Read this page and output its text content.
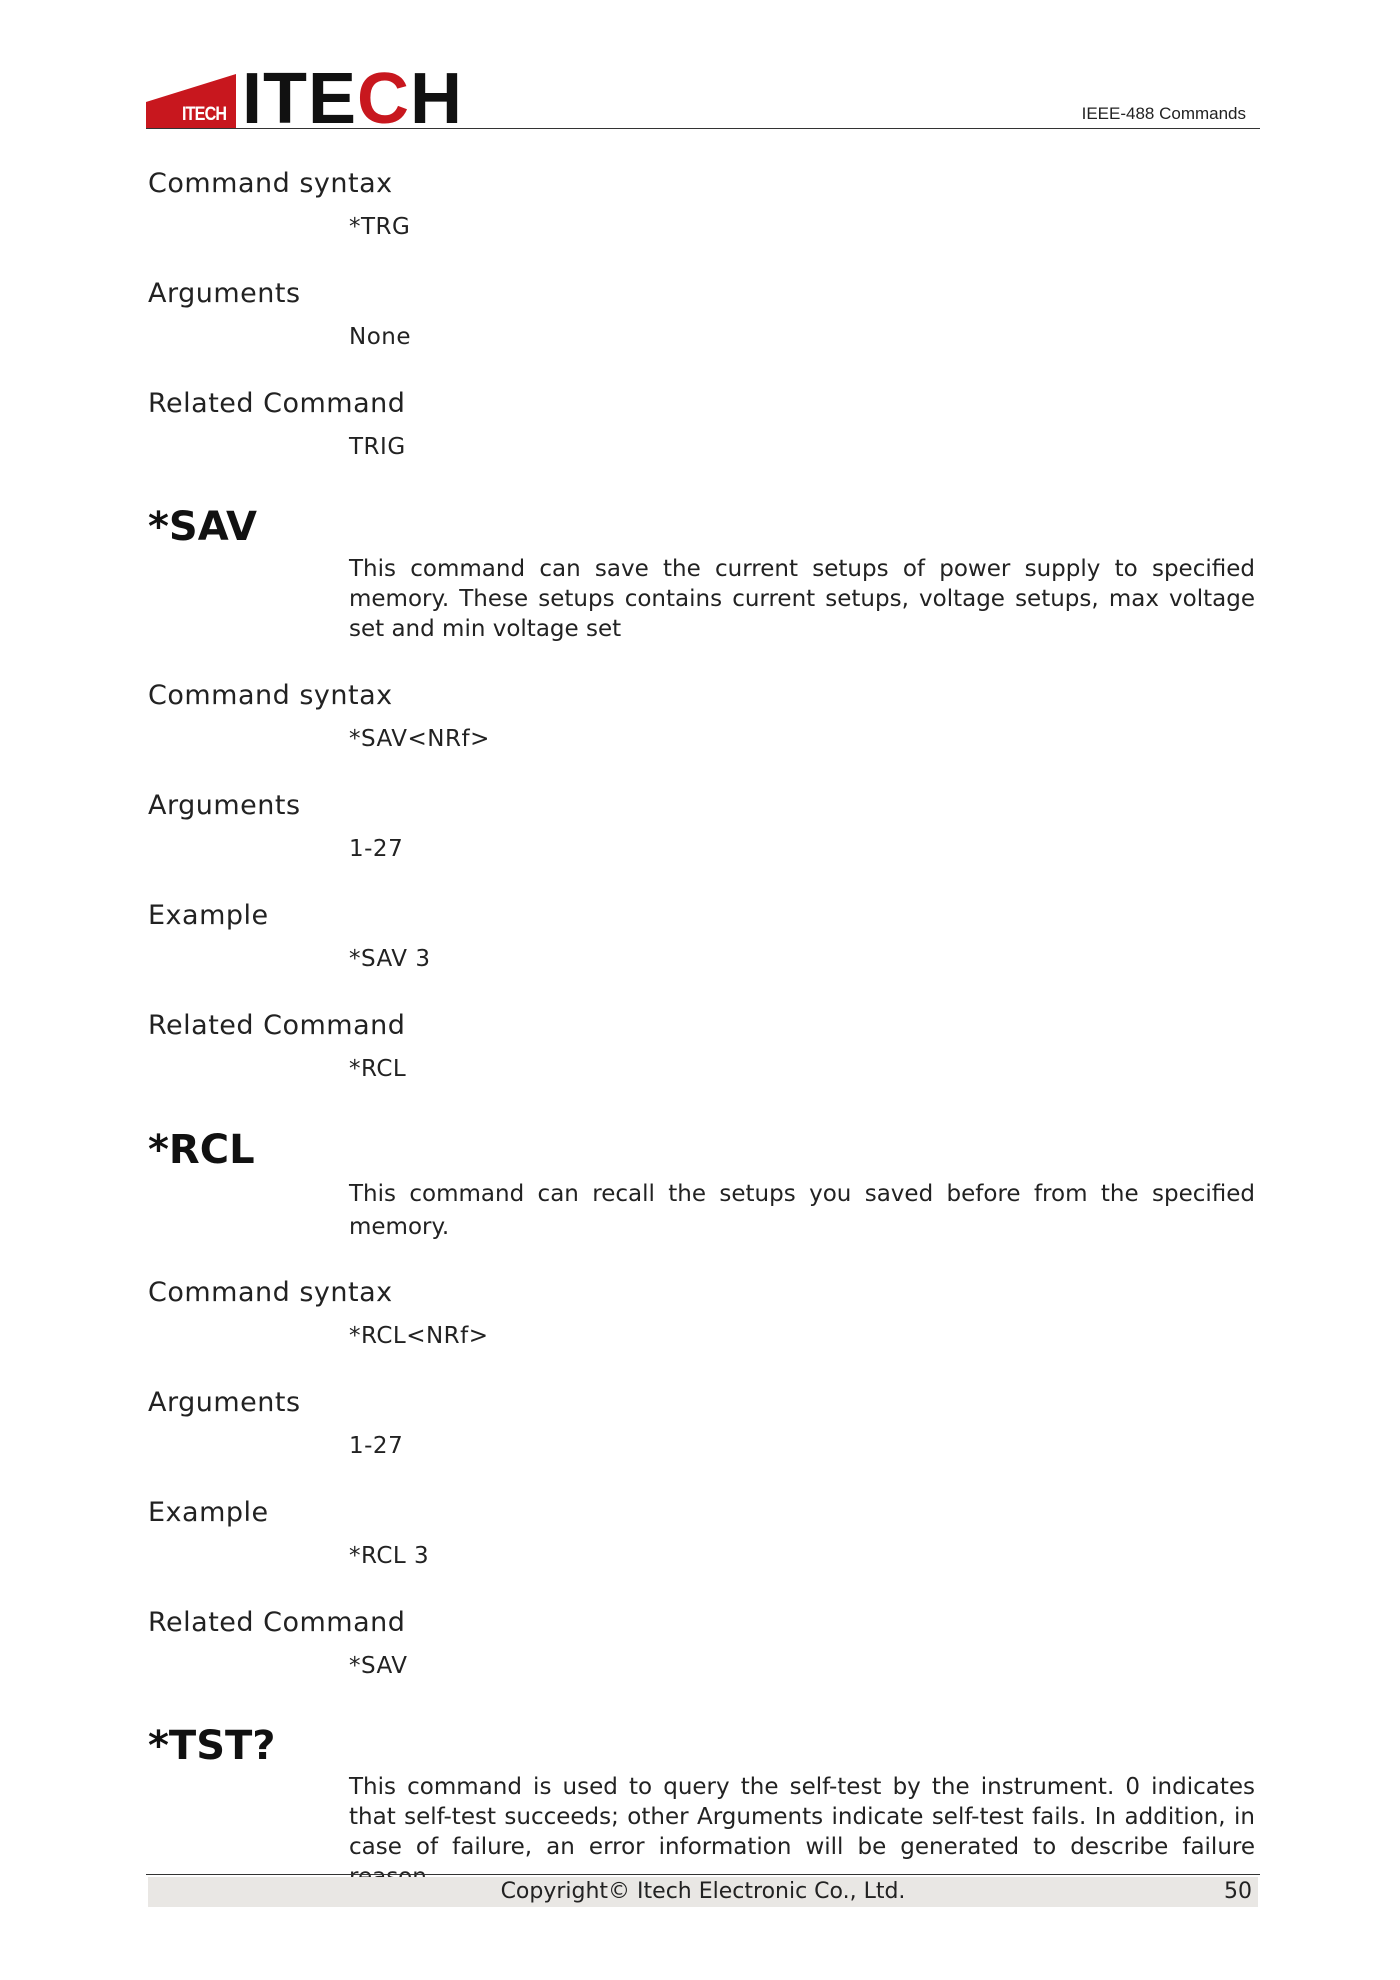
ITECH ITECH	IEEE-488 Commands
Command syntax
*TRG
Arguments
None
Related Command
TRIG
*SAV

This command can save the current setups of power supply to specified memory. These setups contains current setups, voltage setups, max voltage set and min voltage set

Command syntax
*SAV<NRf>
Arguments
1-27
Example
*SAV 3
Related Command
*RCL
*RCL

This command can recall the setups you saved before from the specified memory.

Command syntax
*RCL<NRf>
Arguments
1-27
Example
*RCL 3
Related Command
*SAV
*TST?

This command is used to query the self-test by the instrument. 0 indicates that self-test succeeds; other Arguments indicate self-test fails. In addition, in case of failure, an error information will be generated to describe failure

Copyright© Itech Electronic Co., Ltd.	50
